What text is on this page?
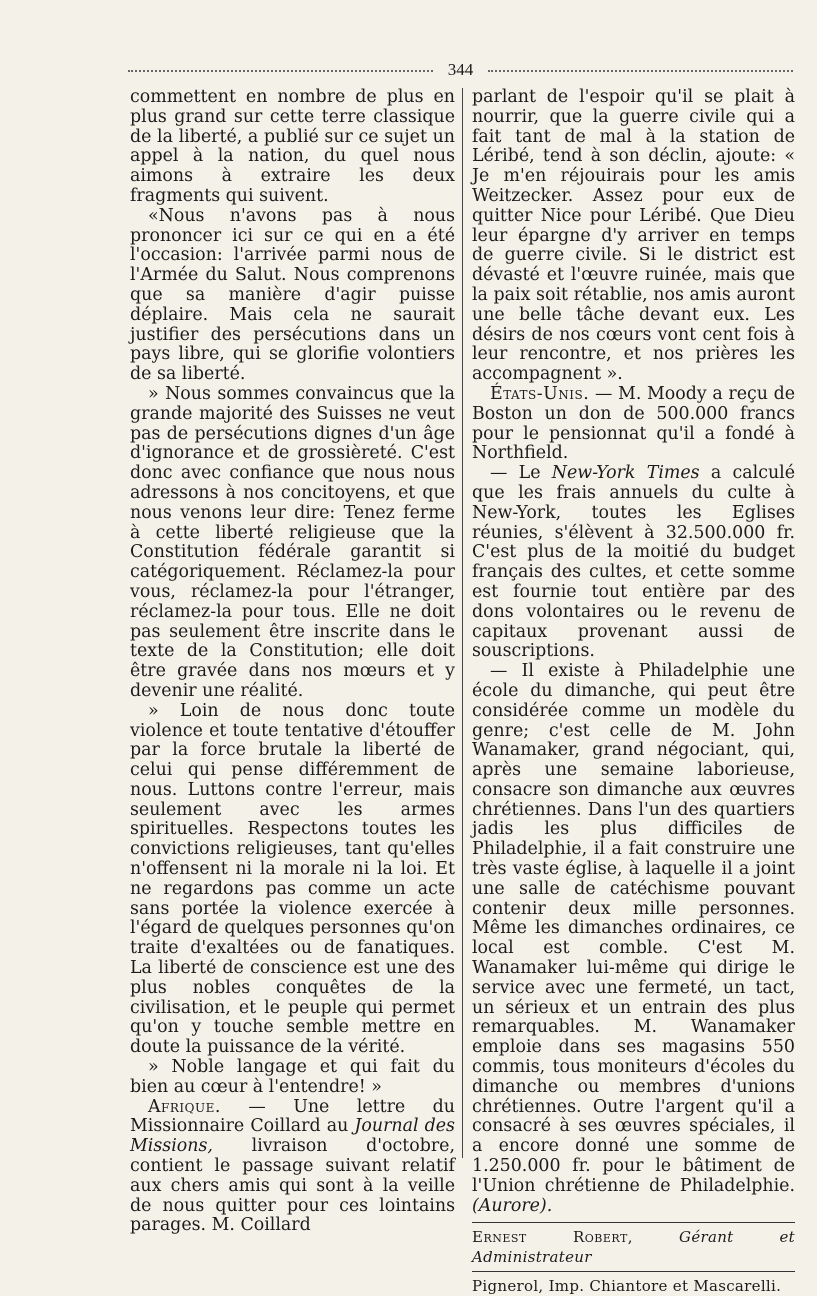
344

commettent en nombre de plus en plus grand sur cette terre classique de la liberté, a publié sur ce sujet un appel à la nation, du quel nous aimons à extraire les deux fragments qui suivent.

«Nous n'avons pas à nous prononcer ici sur ce qui en a été l'occasion: l'arrivée parmi nous de l'Armée du Salut. Nous comprenons que sa manière d'agir puisse déplaire. Mais cela ne saurait justifier des persécutions dans un pays libre, qui se glorifie volontiers de sa liberté.

» Nous sommes convaincus que la grande majorité des Suisses ne veut pas de persécutions dignes d'un âge d'ignorance et de grossièreté. C'est donc avec confiance que nous nous adressons à nos concitoyens, et que nous venons leur dire: Tenez ferme à cette liberté religieuse que la Constitution fédérale garantit si catégoriquement. Réclamez-la pour vous, réclamez-la pour l'étranger, réclamez-la pour tous. Elle ne doit pas seulement être inscrite dans le texte de la Constitution; elle doit être gravée dans nos mœurs et y devenir une réalité.

» Loin de nous donc toute violence et toute tentative d'étouffer par la force brutale la liberté de celui qui pense différemment de nous. Luttons contre l'erreur, mais seulement avec les armes spirituelles. Respectons toutes les convictions religieuses, tant qu'elles n'offensent ni la morale ni la loi. Et ne regardons pas comme un acte sans portée la violence exercée à l'égard de quelques personnes qu'on traite d'exaltées ou de fanatiques. La liberté de conscience est une des plus nobles conquêtes de la civilisation, et le peuple qui permet qu'on y touche semble mettre en doute la puissance de la vérité.

» Noble langage et qui fait du bien au cœur à l'entendre! »

Afrique. — Une lettre du Missionnaire Coillard au Journal des Missions, livraison d'octobre, contient le passage suivant relatif aux chers amis qui sont à la veille de nous quitter pour ces lointains parages. M. Coillard

parlant de l'espoir qu'il se plait à nourrir, que la guerre civile qui a fait tant de mal à la station de Léribé, tend à son déclin, ajoute: « Je m'en réjouirais pour les amis Weitzecker. Assez pour eux de quitter Nice pour Léribé. Que Dieu leur épargne d'y arriver en temps de guerre civile. Si le district est dévasté et l'œuvre ruinée, mais que la paix soit rétablie, nos amis auront une belle tâche devant eux. Les désirs de nos cœurs vont cent fois à leur rencontre, et nos prières les accompagnent ».

États-Unis. — M. Moody a reçu de Boston un don de 500.000 francs pour le pensionnat qu'il a fondé à Northfield.

— Le New-York Times a calculé que les frais annuels du culte à New-York, toutes les Eglises réunies, s'élèvent à 32.500.000 fr. C'est plus de la moitié du budget français des cultes, et cette somme est fournie tout entière par des dons volontaires ou le revenu de capitaux provenant aussi de souscriptions.

— Il existe à Philadelphie une école du dimanche, qui peut être considérée comme un modèle du genre; c'est celle de M. John Wanamaker, grand négociant, qui, après une semaine laborieuse, consacre son dimanche aux œuvres chrétiennes. Dans l'un des quartiers jadis les plus difficiles de Philadelphie, il a fait construire une très vaste église, à laquelle il a joint une salle de catéchisme pouvant contenir deux mille personnes. Même les dimanches ordinaires, ce local est comble. C'est M. Wanamaker lui-même qui dirige le service avec une fermeté, un tact, un sérieux et un entrain des plus remarquables. M. Wanamaker emploie dans ses magasins 550 commis, tous moniteurs d'écoles du dimanche ou membres d'unions chrétiennes. Outre l'argent qu'il a consacré à ses œuvres spéciales, il a encore donné une somme de 1.250.000 fr. pour le bâtiment de l'Union chrétienne de Philadelphie. (Aurore).

Ernest Robert, Gérant et Administrateur
Pignerol, Imp. Chiantore et Mascarelli.
